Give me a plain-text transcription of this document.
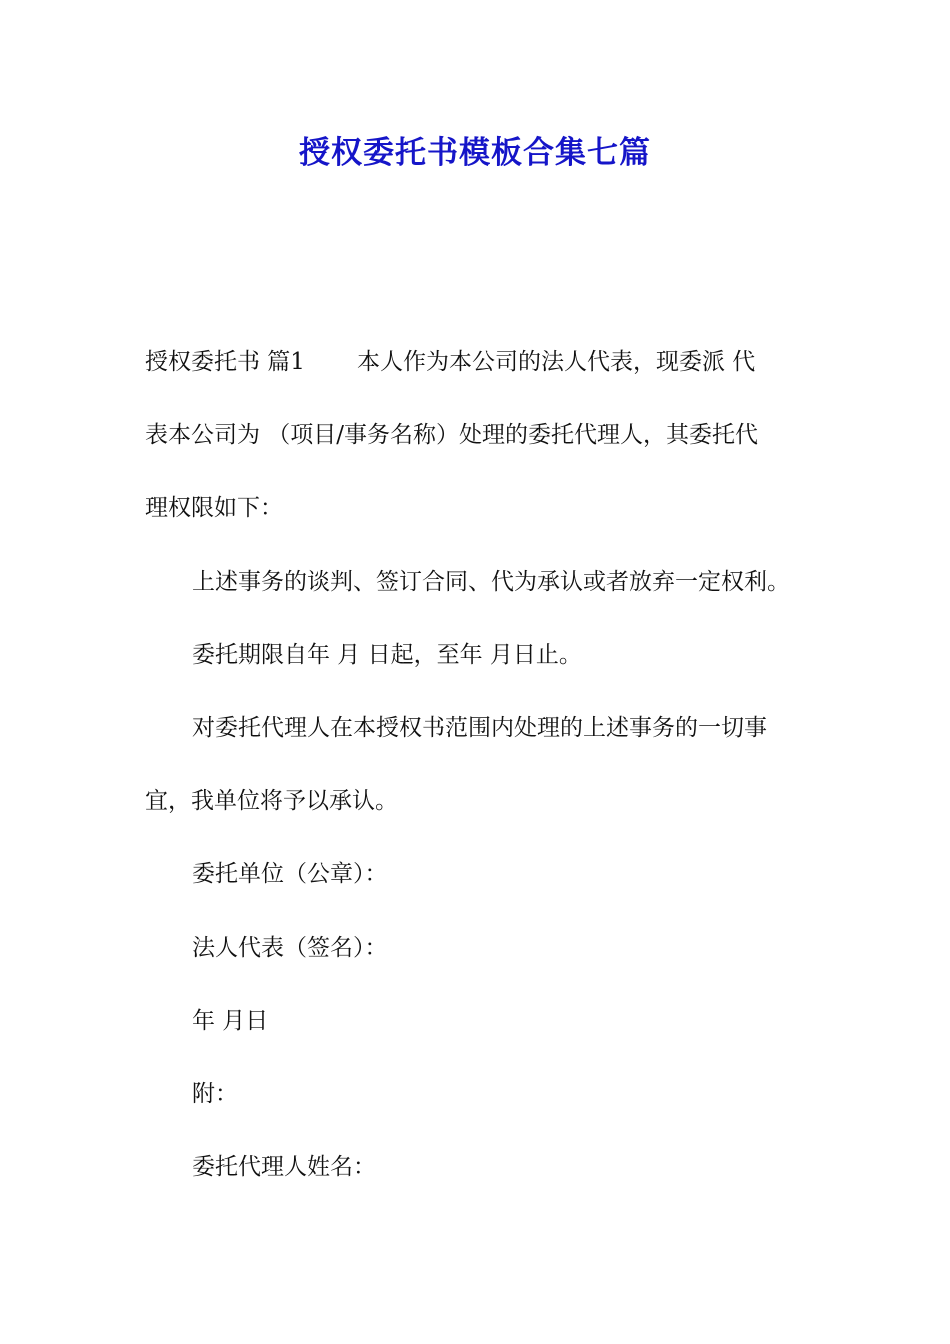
授权委托书模板合集七篇
授权委托书 篇1 本人作为本公司的法人代表，现委派 代
表本公司为 （项目/事务名称）处理的委托代理人，其委托代
理权限如下：
上述事务的谈判、签订合同、代为承认或者放弃一定权利。
委托期限自年 月 日起，至年 月日止。
对委托代理人在本授权书范围内处理的上述事务的一切事
宜，我单位将予以承认。
委托单位（公章）：
法人代表（签名）：
年 月日
附：
委托代理人姓名：
